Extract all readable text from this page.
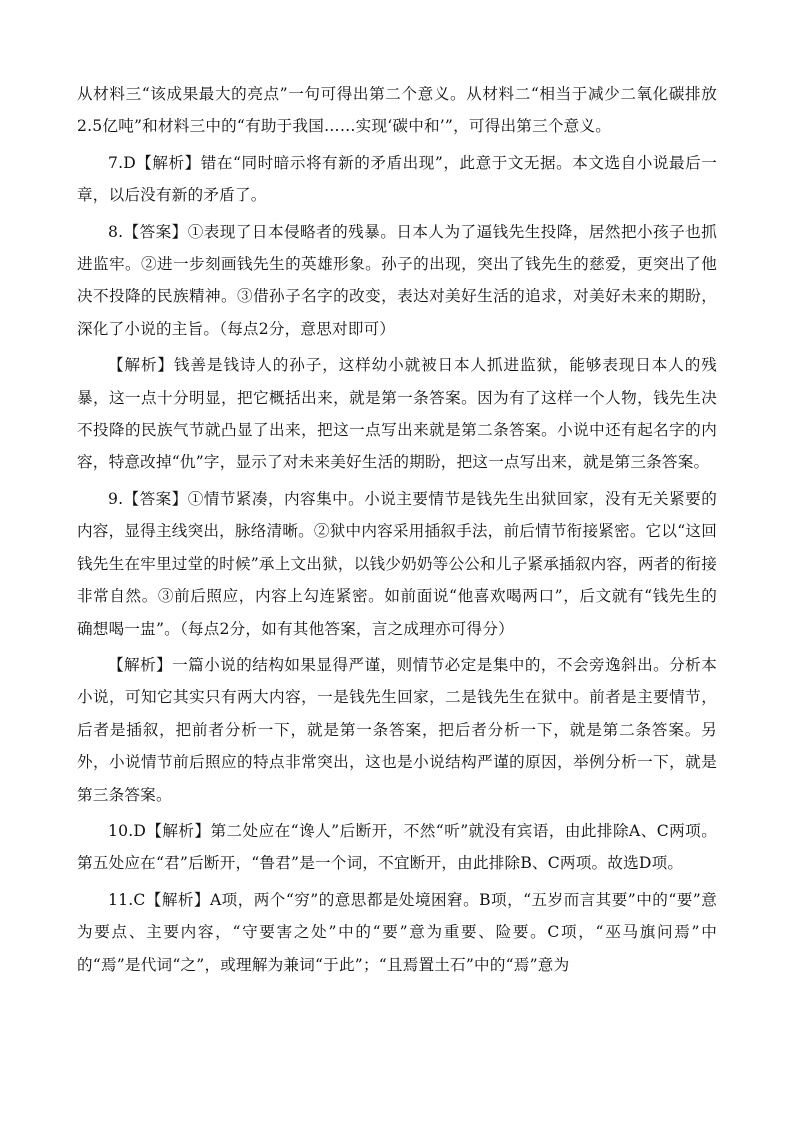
从材料三“该成果最大的亮点”一句可得出第二个意义。从材料二“相当于减少二氧化碳排放2.5亿吨”和材料三中的“有助于我国……实现‘碳中和’”，可得出第三个意义。

7.D【解析】错在“同时暗示将有新的矛盾出现”，此意于文无据。本文选自小说最后一章，以后没有新的矛盾了。

8.【答案】①表现了日本侵略者的残暴。日本人为了逼钱先生投降，居然把小孩子也抓进监牢。②进一步刻画钱先生的英雄形象。孙子的出现，突出了钱先生的慈爱，更突出了他决不投降的民族精神。③借孙子名字的改变，表达对美好生活的追求，对美好未来的期盼，深化了小说的主旨。（每点2分，意思对即可）

【解析】钱善是钱诗人的孙子，这样幼小就被日本人抓进监狱，能够表现日本人的残暴，这一点十分明显，把它概括出来，就是第一条答案。因为有了这样一个人物，钱先生决不投降的民族气节就凸显了出来，把这一点写出来就是第二条答案。小说中还有起名字的内容，特意改掉“仇”字，显示了对未来美好生活的期盼，把这一点写出来，就是第三条答案。

9.【答案】①情节紧凑，内容集中。小说主要情节是钱先生出狱回家，没有无关紧要的内容，显得主线突出，脉络清晰。②狱中内容采用插叙手法，前后情节衔接紧密。它以“这回钱先生在牢里过堂的时候”承上文出狱，以钱少奶奶等公公和儿子紧承插叙内容，两者的衔接非常自然。③前后照应，内容上勾连紧密。如前面说“他喜欢喝两口”，后文就有“钱先生的确想喝一盅”。（每点2分，如有其他答案，言之成理亦可得分）

【解析】一篇小说的结构如果显得严谨，则情节必定是集中的，不会旁逸斜出。分析本小说，可知它其实只有两大内容，一是钱先生回家，二是钱先生在狱中。前者是主要情节，后者是插叙，把前者分析一下，就是第一条答案，把后者分析一下，就是第二条答案。另外，小说情节前后照应的特点非常突出，这也是小说结构严谨的原因，举例分析一下，就是第三条答案。

10.D【解析】第二处应在“谗人”后断开，不然“听”就没有宾语，由此排除A、C两项。第五处应在“君”后断开，“鲁君”是一个词，不宜断开，由此排除B、C两项。故选D项。

11.C【解析】A项，两个“穷”的意思都是处境困窘。B项，“五岁而言其要”中的“要”意为要点、主要内容，“守要害之处”中的“要”意为重要、险要。C项，“巫马旗问焉”中的“焉”是代词“之”，或理解为兼词“于此”；“且焉置土石”中的“焉”意为
